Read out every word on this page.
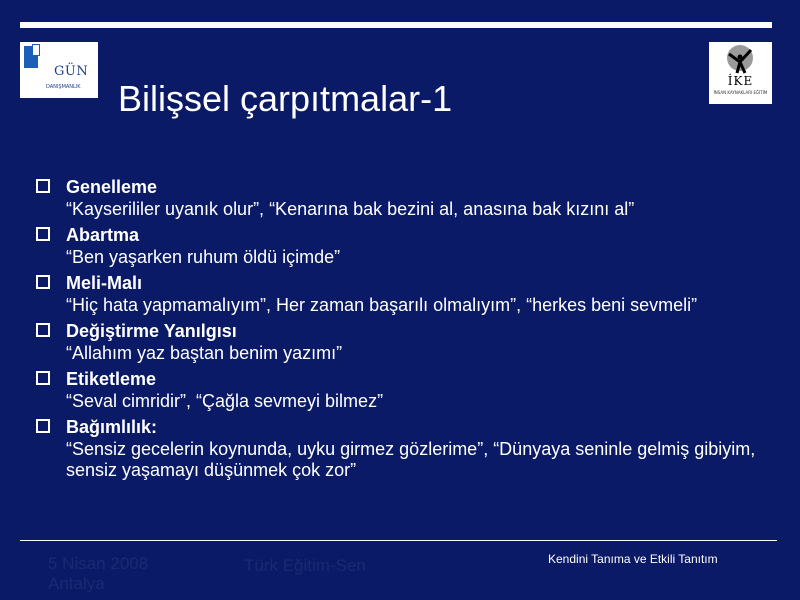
GÜN
DANIŞMANLIK	İKE
İNSAN KAYNAKLARI EĞİTİM
Bilişsel çarpıtmalar-1
Genelleme
“Kayserililer uyanık olur”, “Kenarına bak bezini al, anasına bak kızını al”
Abartma
“Ben yaşarken ruhum öldü içimde”
Meli-Malı
“Hiç hata yapmamalıyım”, Her zaman başarılı olmalıyım”, “herkes beni sevmeli”
Değiştirme Yanılgısı
“Allahım yaz baştan benim yazımı”
Etiketleme
“Seval cimridir”, “Çağla sevmeyi bilmez”
Bağımlılık:
“Sensiz gecelerin koynunda, uyku girmez gözlerime”, “Dünyaya seninle gelmiş gibiyim, sensiz yaşamayı düşünmek çok zor”
5 Nisan 2008
Antalya
Türk Eğitim-Sen	Kendini Tanıma ve Etkili Tanıtım
